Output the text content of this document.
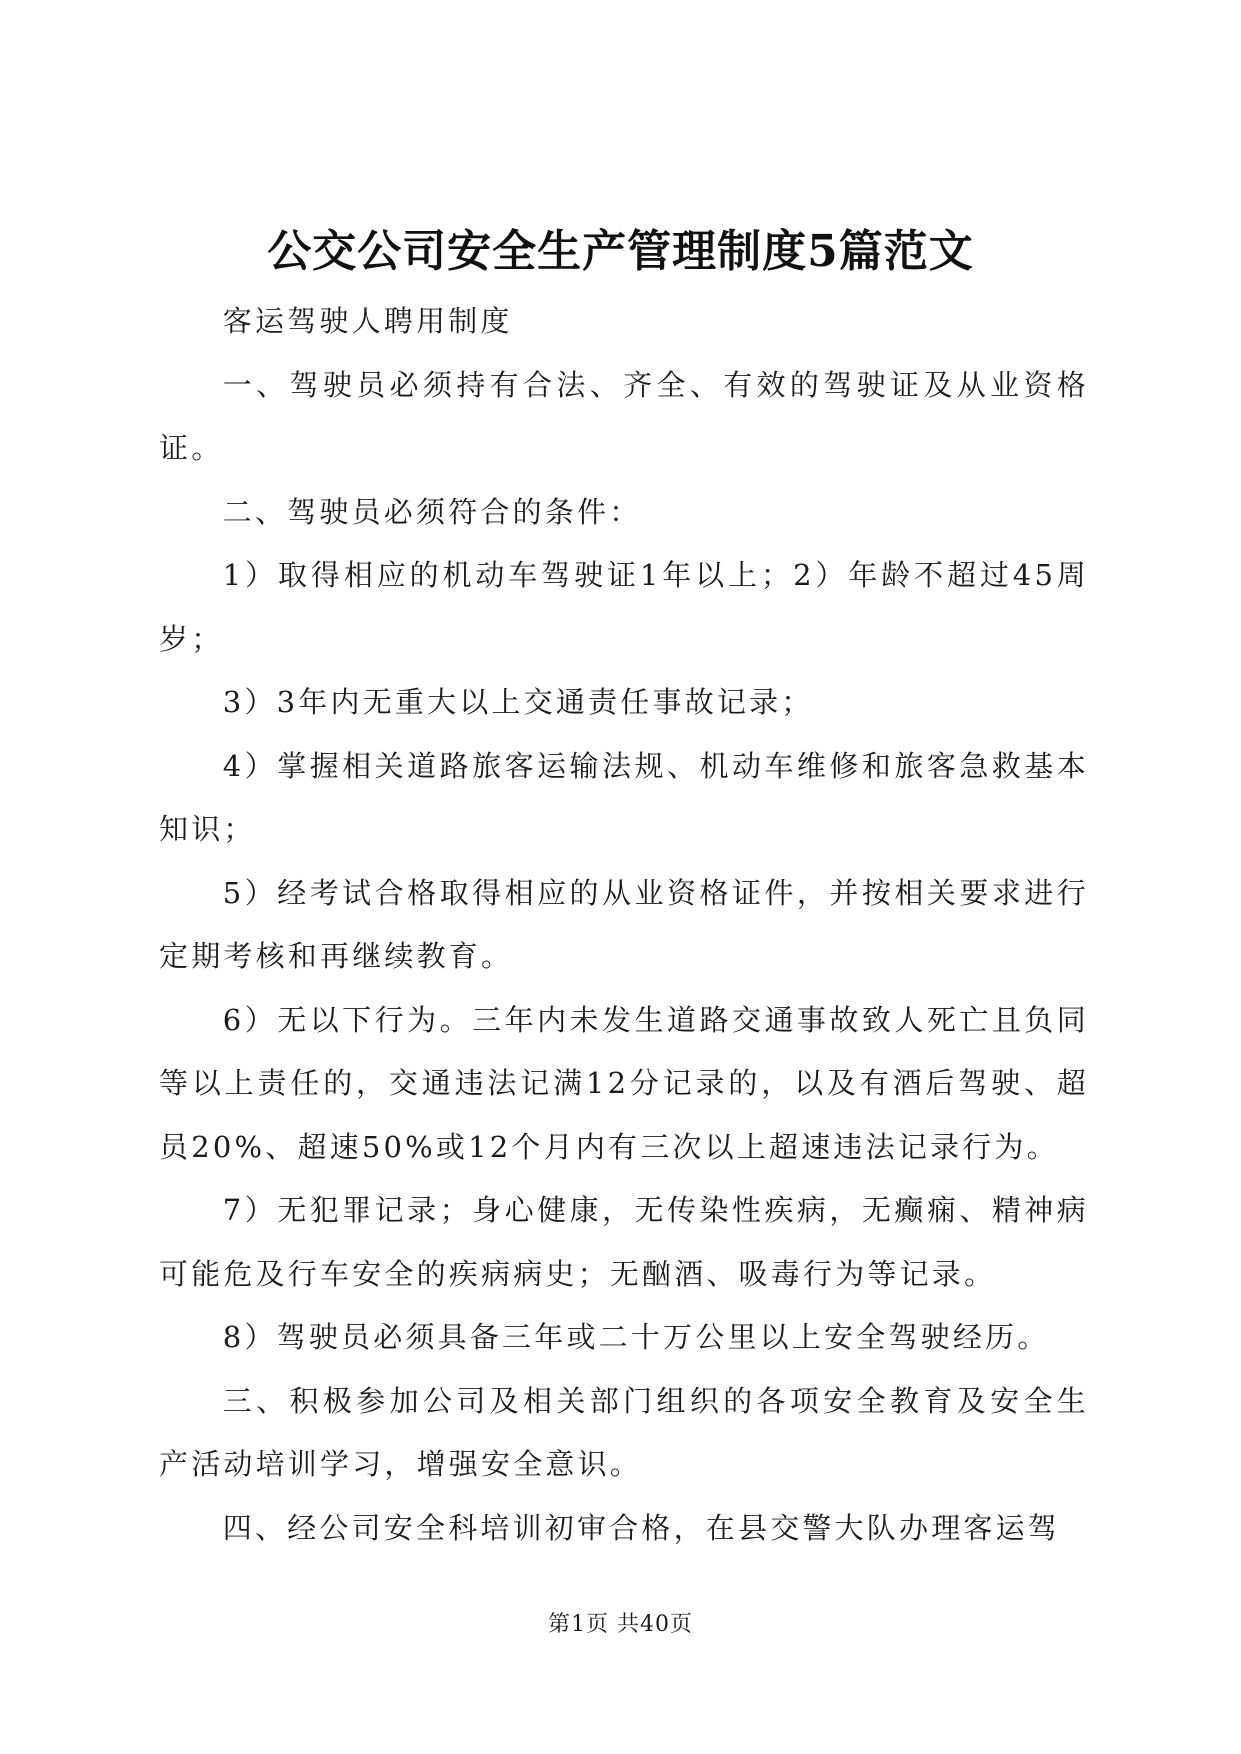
公交公司安全生产管理制度5篇范文

客运驾驶人聘用制度

一、驾驶员必须持有合法、齐全、有效的驾驶证及从业资格证。

二、驾驶员必须符合的条件：

1）取得相应的机动车驾驶证1年以上；2）年龄不超过45周岁；

3）3年内无重大以上交通责任事故记录；

4）掌握相关道路旅客运输法规、机动车维修和旅客急救基本知识；

5）经考试合格取得相应的从业资格证件，并按相关要求进行定期考核和再继续教育。

6）无以下行为。三年内未发生道路交通事故致人死亡且负同等以上责任的，交通违法记满12分记录的，以及有酒后驾驶、超员20%、超速50%或12个月内有三次以上超速违法记录行为。

7）无犯罪记录；身心健康，无传染性疾病，无癫痫、精神病可能危及行车安全的疾病病史；无酗酒、吸毒行为等记录。

8）驾驶员必须具备三年或二十万公里以上安全驾驶经历。

三、积极参加公司及相关部门组织的各项安全教育及安全生产活动培训学习，增强安全意识。

四、经公司安全科培训初审合格，在县交警大队办理客运驾

第1页 共40页
